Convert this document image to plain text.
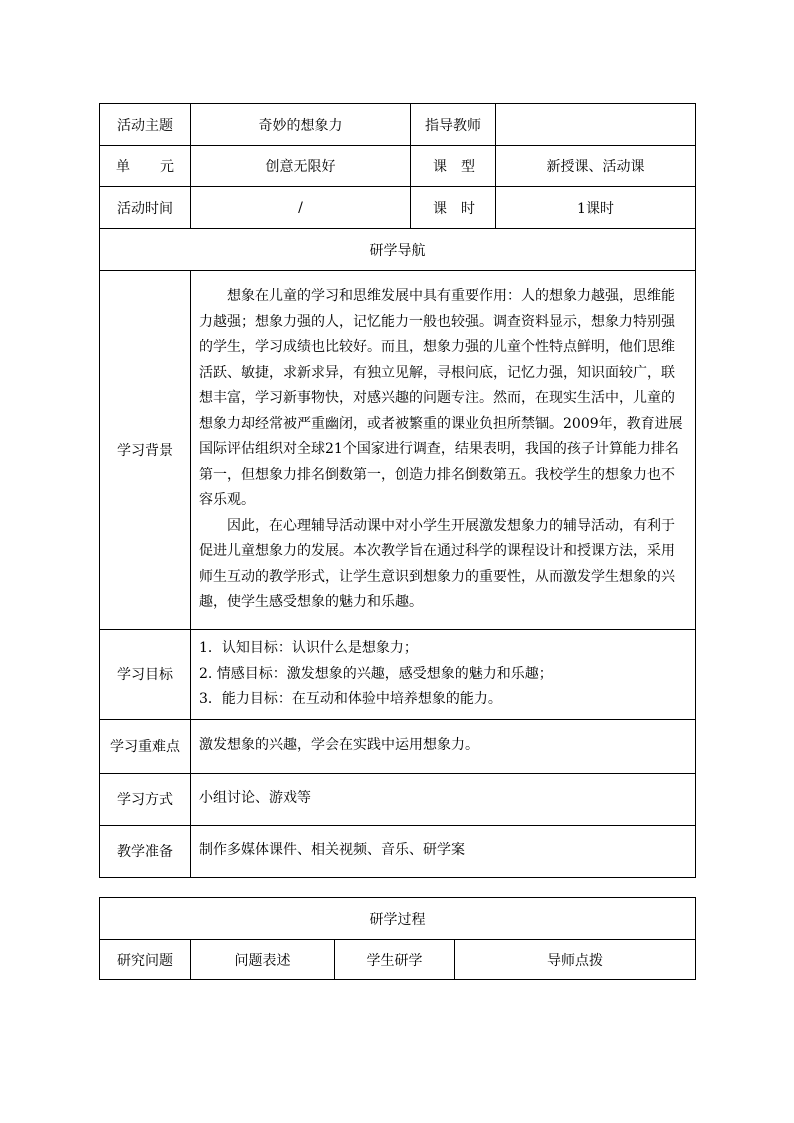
活动主题	奇妙的想象力	指导教师	

单 元	创意无限好	课 型	新授课、活动课
活动时间	/	课 时	1课时
研学导航			
学习背景	想象在儿童的学习和思维发展中具有重要作用：人的想象力越强，思维能力越强；想象力强的人，记忆能力一般也较强。调查资料显示，想象力特别强的学生，学习成绩也比较好。而且，想象力强的儿童个性特点鲜明，他们思维活跃、敏捷，求新求异，有独立见解，寻根问底，记忆力强，知识面较广，联想丰富，学习新事物快，对感兴趣的问题专注。然而，在现实生活中，儿童的想象力却经常被严重幽闭，或者被繁重的课业负担所禁锢。2009年，教育进展国际评估组织对全球21个国家进行调查，结果表明，我国的孩子计算能力排名第一，但想象力排名倒数第一，创造力排名倒数第五。我校学生的想象力也不容乐观。

因此，在心理辅导活动课中对小学生开展激发想象力的辅导活动，有利于促进儿童想象力的发展。本次教学旨在通过科学的课程设计和授课方法，采用师生互动的教学形式，让学生意识到想象力的重要性，从而激发学生想象的兴趣，使学生感受想象的魅力和乐趣。		

学习目标	1．认知目标：认识什么是想象力；

2. 情感目标：激发想象的兴趣，感受想象的魅力和乐趣；

3．能力目标：在互动和体验中培养想象的能力。		

学习重难点	激发想象的兴趣，学会在实践中运用想象力。		
学习方式	小组讨论、游戏等		
教学准备	制作多媒体课件、相关视频、音乐、研学案		
研学过程
研究问题	问题表述	学生研学	导师点拨
